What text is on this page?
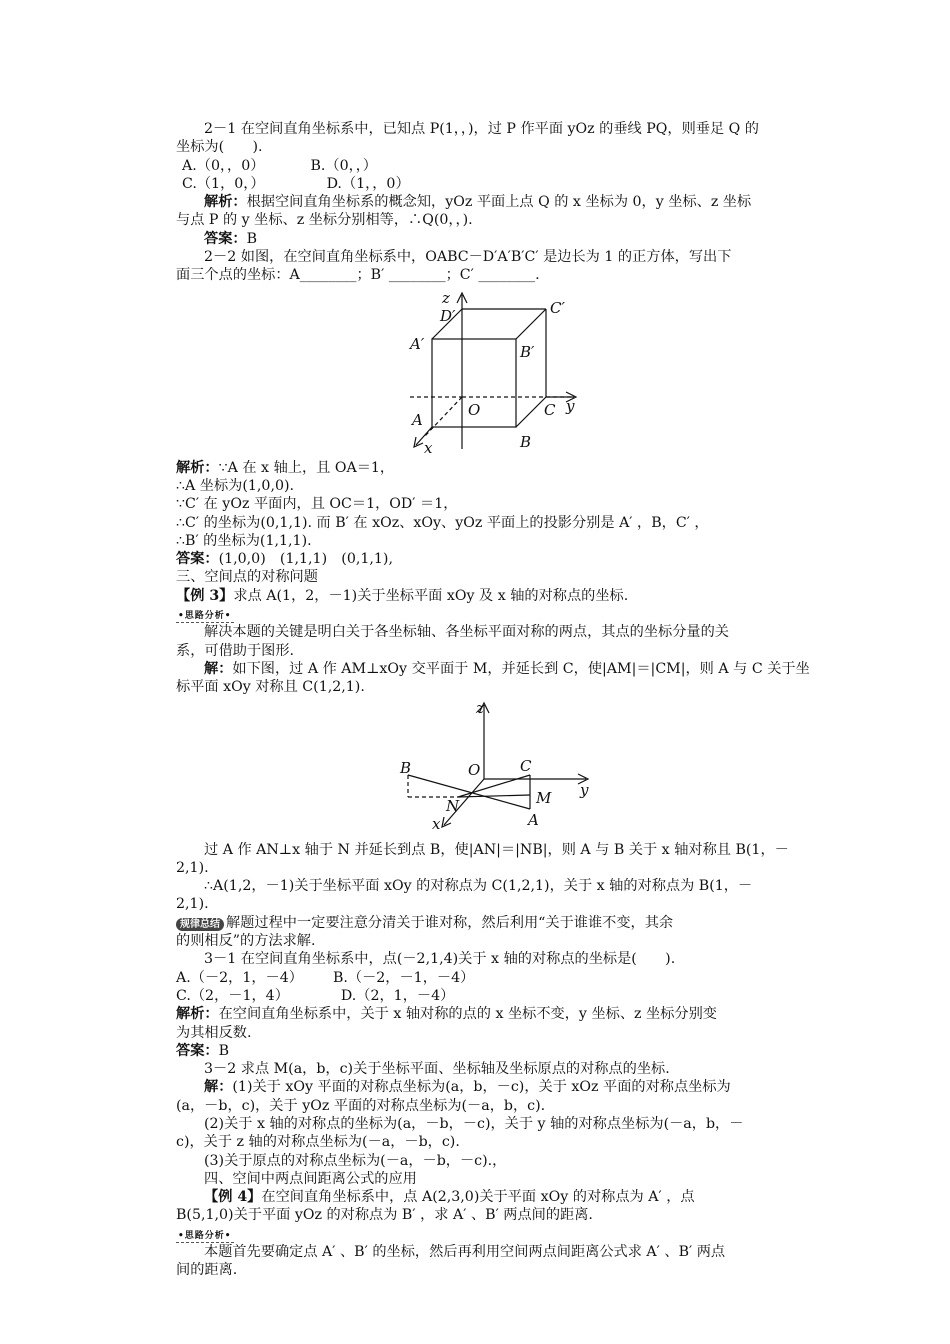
2－1 在空间直角坐标系中，已知点 P(1，，)，过 P 作平面 yOz 的垂线 PQ，则垂足 Q 的

坐标为(　　).

A.（0，，0）	B.（0，，）

C.（1，0，）	D.（1，，0）

解析：根据空间直角坐标系的概念知，yOz 平面上点 Q 的 x 坐标为 0，y 坐标、z 坐标

与点 P 的 y 坐标、z 坐标分别相等，∴Q(0，，).

答案：B

2－2 如图，在空间直角坐标系中，OABC－D′A′B′C′ 是边长为 1 的正方体，写出下

面三个点的坐标：A________；B′ ________；C′ ________.

z
D′	C′
A′	B′
O	C y
A
B
x

解析：∵A 在 x 轴上，且 OA＝1，

∴A 坐标为(1,0,0).

∵C′ 在 yOz 平面内，且 OC＝1，OD′ ＝1，

∴C′ 的坐标为(0,1,1). 而 B′ 在 xOz、xOy、yOz 平面上的投影分别是 A′ ，B，C′ ，

∴B′ 的坐标为(1,1,1).

答案：(1,0,0)　(1,1,1)　(0,1,1),

三、空间点的对称问题

【例 3】求点 A(1，2，－1)关于坐标平面 xOy 及 x 轴的对称点的坐标.

•思路分析•

解决本题的关键是明白关于各坐标轴、各坐标平面对称的两点，其点的坐标分量的关

系，可借助于图形.

解：如下图，过 A 作 AM⊥xOy 交平面于 M，并延长到 C，使|AM|＝|CM|，则 A 与 C 关于坐

标平面 xOy 对称且 C(1,2,1).

z
B	O	C
y
M
N
A
x

过 A 作 AN⊥x 轴于 N 并延长到点 B，使|AN|＝|NB|，则 A 与 B 关于 x 轴对称且 B(1，－

2,1).

∴A(1,2，－1)关于坐标平面 xOy 的对称点为 C(1,2,1)，关于 x 轴的对称点为 B(1，－

2,1).

规律总结 解题过程中一定要注意分清关于谁对称，然后利用“关于谁谁不变，其余

的则相反”的方法求解.

3－1 在空间直角坐标系中，点(－2,1,4)关于 x 轴的对称点的坐标是(　　).

A.（－2，1，－4） B.（－2，－1，－4）

C.（2，－1，4）	D.（2，1，－4）

解析：在空间直角坐标系中，关于 x 轴对称的点的 x 坐标不变，y 坐标、z 坐标分别变

为其相反数.

答案：B

3－2 求点 M(a，b，c)关于坐标平面、坐标轴及坐标原点的对称点的坐标.

解：(1)关于 xOy 平面的对称点坐标为(a，b，－c)，关于 xOz 平面的对称点坐标为

(a，－b，c)，关于 yOz 平面的对称点坐标为(－a，b，c).

(2)关于 x 轴的对称点的坐标为(a，－b，－c)，关于 y 轴的对称点坐标为(－a，b，－

c)，关于 z 轴的对称点坐标为(－a，－b，c).

(3)关于原点的对称点坐标为(－a，－b，－c).，

四、空间中两点间距离公式的应用

【例 4】在空间直角坐标系中，点 A(2,3,0)关于平面 xOy 的对称点为 A′ ，点

B(5,1,0)关于平面 yOz 的对称点为 B′ ，求 A′ 、B′ 两点间的距离.

•思路分析•

本题首先要确定点 A′ 、B′ 的坐标，然后再利用空间两点间距离公式求 A′ 、B′ 两点

间的距离.
